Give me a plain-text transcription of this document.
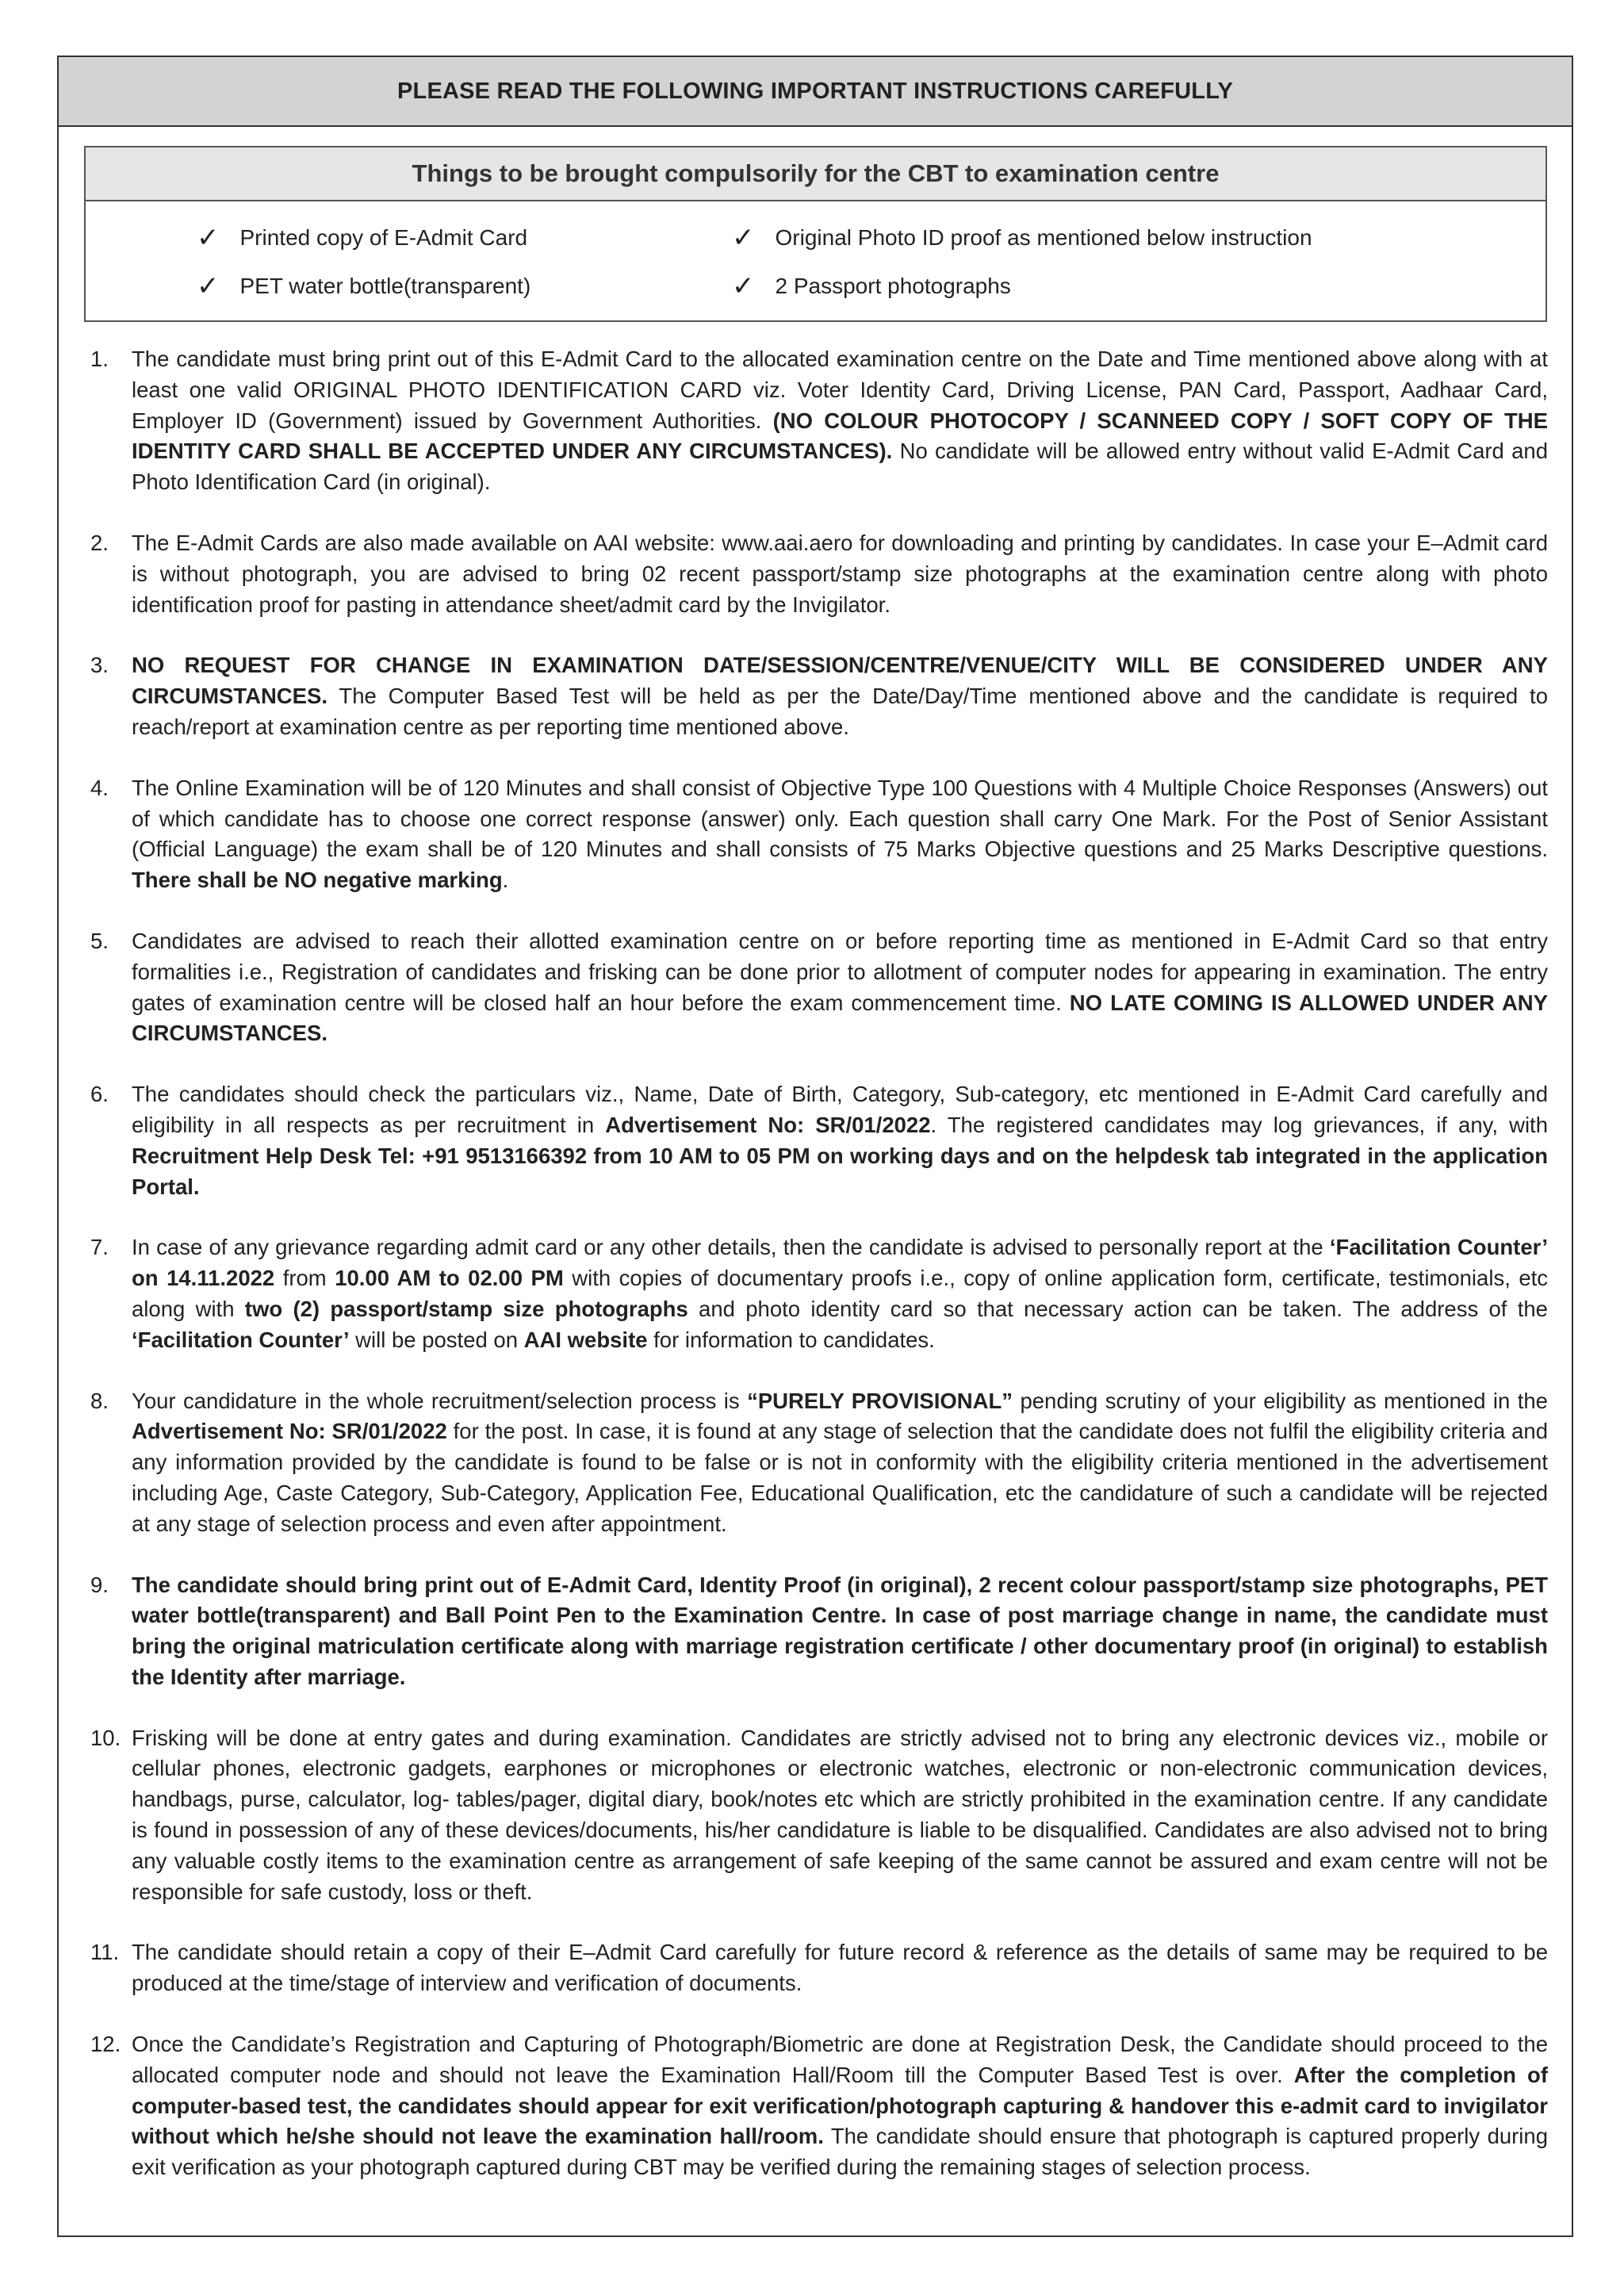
PLEASE READ THE FOLLOWING IMPORTANT INSTRUCTIONS CAREFULLY
Things to be brought compulsorily for the CBT to examination centre
✓ Printed copy of E-Admit Card	✓ Original Photo ID proof as mentioned below instruction
✓ PET water bottle(transparent)	✓ 2 Passport photographs
1. The candidate must bring print out of this E-Admit Card to the allocated examination centre on the Date and Time mentioned above along with at least one valid ORIGINAL PHOTO IDENTIFICATION CARD viz. Voter Identity Card, Driving License, PAN Card, Passport, Aadhaar Card, Employer ID (Government) issued by Government Authorities. (NO COLOUR PHOTOCOPY / SCANNEED COPY / SOFT COPY OF THE IDENTITY CARD SHALL BE ACCEPTED UNDER ANY CIRCUMSTANCES). No candidate will be allowed entry without valid E-Admit Card and Photo Identification Card (in original).
2. The E-Admit Cards are also made available on AAI website: www.aai.aero for downloading and printing by candidates. In case your E–Admit card is without photograph, you are advised to bring 02 recent passport/stamp size photographs at the examination centre along with photo identification proof for pasting in attendance sheet/admit card by the Invigilator.
3. NO REQUEST FOR CHANGE IN EXAMINATION DATE/SESSION/CENTRE/VENUE/CITY WILL BE CONSIDERED UNDER ANY CIRCUMSTANCES. The Computer Based Test will be held as per the Date/Day/Time mentioned above and the candidate is required to reach/report at examination centre as per reporting time mentioned above.
4. The Online Examination will be of 120 Minutes and shall consist of Objective Type 100 Questions with 4 Multiple Choice Responses (Answers) out of which candidate has to choose one correct response (answer) only. Each question shall carry One Mark. For the Post of Senior Assistant (Official Language) the exam shall be of 120 Minutes and shall consists of 75 Marks Objective questions and 25 Marks Descriptive questions. There shall be NO negative marking.
5. Candidates are advised to reach their allotted examination centre on or before reporting time as mentioned in E-Admit Card so that entry formalities i.e., Registration of candidates and frisking can be done prior to allotment of computer nodes for appearing in examination. The entry gates of examination centre will be closed half an hour before the exam commencement time. NO LATE COMING IS ALLOWED UNDER ANY CIRCUMSTANCES.
6. The candidates should check the particulars viz., Name, Date of Birth, Category, Sub-category, etc mentioned in E-Admit Card carefully and eligibility in all respects as per recruitment in Advertisement No: SR/01/2022. The registered candidates may log grievances, if any, with Recruitment Help Desk Tel: +91 9513166392 from 10 AM to 05 PM on working days and on the helpdesk tab integrated in the application Portal.
7. In case of any grievance regarding admit card or any other details, then the candidate is advised to personally report at the ‘Facilitation Counter’ on 14.11.2022 from 10.00 AM to 02.00 PM with copies of documentary proofs i.e., copy of online application form, certificate, testimonials, etc along with two (2) passport/stamp size photographs and photo identity card so that necessary action can be taken. The address of the ‘Facilitation Counter’ will be posted on AAI website for information to candidates.
8. Your candidature in the whole recruitment/selection process is “PURELY PROVISIONAL” pending scrutiny of your eligibility as mentioned in the Advertisement No: SR/01/2022 for the post. In case, it is found at any stage of selection that the candidate does not fulfil the eligibility criteria and any information provided by the candidate is found to be false or is not in conformity with the eligibility criteria mentioned in the advertisement including Age, Caste Category, Sub-Category, Application Fee, Educational Qualification, etc the candidature of such a candidate will be rejected at any stage of selection process and even after appointment.
9. The candidate should bring print out of E-Admit Card, Identity Proof (in original), 2 recent colour passport/stamp size photographs, PET water bottle(transparent) and Ball Point Pen to the Examination Centre. In case of post marriage change in name, the candidate must bring the original matriculation certificate along with marriage registration certificate / other documentary proof (in original) to establish the Identity after marriage.
10. Frisking will be done at entry gates and during examination. Candidates are strictly advised not to bring any electronic devices viz., mobile or cellular phones, electronic gadgets, earphones or microphones or electronic watches, electronic or non-electronic communication devices, handbags, purse, calculator, log- tables/pager, digital diary, book/notes etc which are strictly prohibited in the examination centre. If any candidate is found in possession of any of these devices/documents, his/her candidature is liable to be disqualified. Candidates are also advised not to bring any valuable costly items to the examination centre as arrangement of safe keeping of the same cannot be assured and exam centre will not be responsible for safe custody, loss or theft.
11. The candidate should retain a copy of their E–Admit Card carefully for future record & reference as the details of same may be required to be produced at the time/stage of interview and verification of documents.
12. Once the Candidate’s Registration and Capturing of Photograph/Biometric are done at Registration Desk, the Candidate should proceed to the allocated computer node and should not leave the Examination Hall/Room till the Computer Based Test is over. After the completion of computer-based test, the candidates should appear for exit verification/photograph capturing & handover this e-admit card to invigilator without which he/she should not leave the examination hall/room. The candidate should ensure that photograph is captured properly during exit verification as your photograph captured during CBT may be verified during the remaining stages of selection process.
